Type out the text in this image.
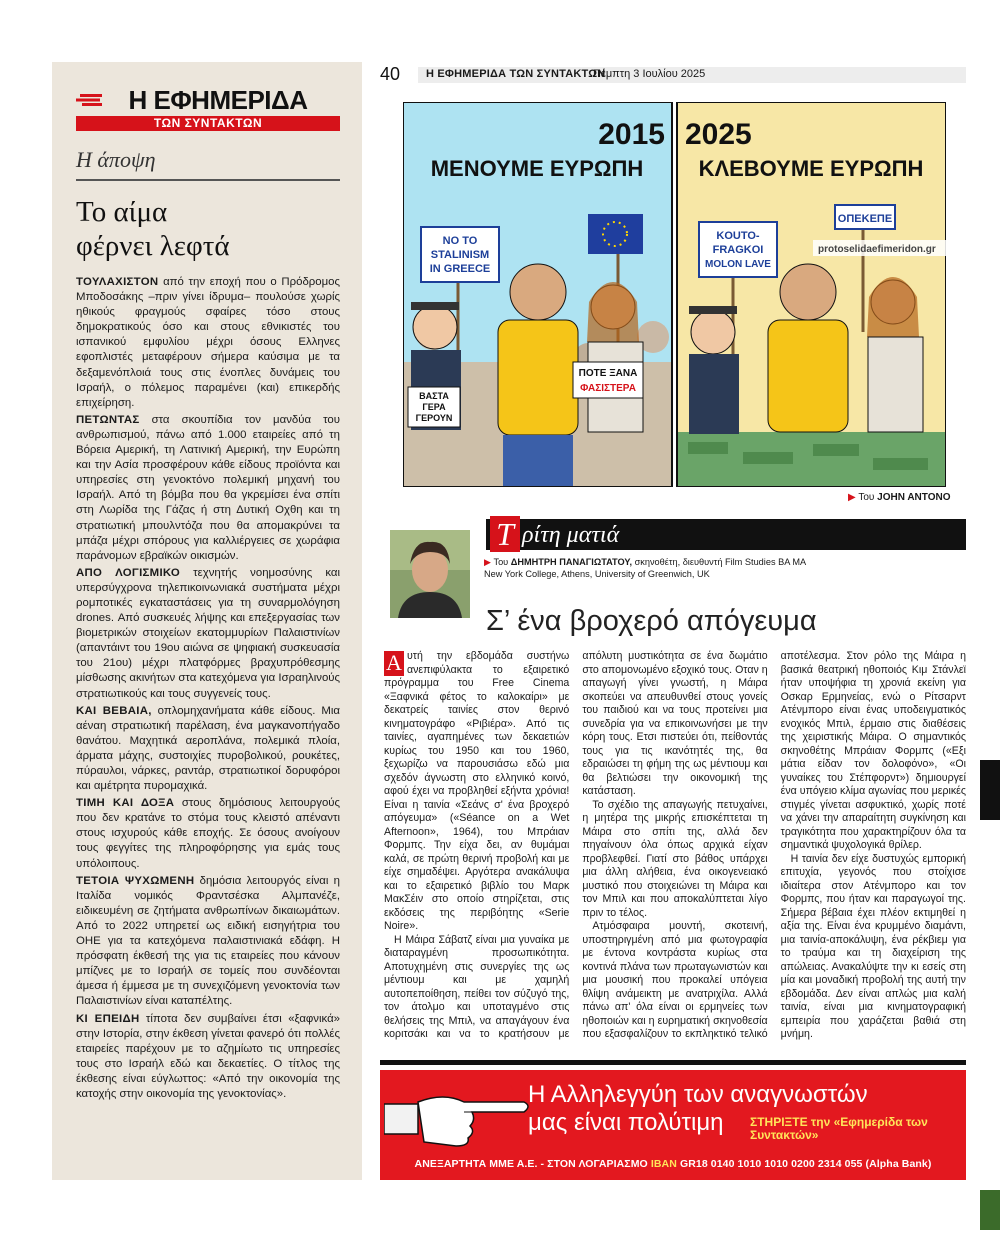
Η ΕΦΗΜΕΡΙΔΑ
ΤΩΝ ΣΥΝΤΑΚΤΩΝ
Η άποψη
Το αίμα
φέρνει λεφτά

ΤΟΥΛΑΧΙΣΤΟΝ από την εποχή που ο Πρόδρομος Μποδοσάκης –πριν γίνει ίδρυμα– πουλούσε χωρίς ηθικούς φραγμούς σφαίρες τόσο στους δημοκρατικούς όσο και στους εθνικιστές του ισπανικού εμφυλίου μέχρι όσους Ελληνες εφοπλιστές μεταφέρουν σήμερα καύσιμα με τα δεξαμενόπλοιά τους στις ένοπλες δυνάμεις του Ισραήλ, ο πόλεμος παραμένει (και) επικερδής επιχείρηση.

ΠΕΤΩΝΤΑΣ στα σκουπίδια τον μανδύα του ανθρωπισμού, πάνω από 1.000 εταιρείες από τη Βόρεια Αμερική, τη Λατινική Αμερική, την Ευρώπη και την Ασία προσφέρουν κάθε είδους προϊόντα και υπηρεσίες στη γενοκτόνο πολεμική μηχανή του Ισραήλ. Από τη βόμβα που θα γκρεμίσει ένα σπίτι στη Λωρίδα της Γάζας ή στη Δυτική Οχθη και τη στρατιωτική μπουλντόζα που θα απομακρύνει τα μπάζα μέχρι σπόρους για καλλιέργειες σε χωράφια παράνομων εβραϊκών οικισμών.

ΑΠΟ ΛΟΓΙΣΜΙΚΟ τεχνητής νοημοσύνης και υπερσύγχρονα τηλεπικοινωνιακά συστήματα μέχρι ρομποτικές εγκαταστάσεις για τη συναρμολόγηση drones. Από συσκευές λήψης και επεξεργασίας των βιομετρικών στοιχείων εκατομμυρίων Παλαιστινίων (απαντάιντ του 19ου αιώνα σε ψηφιακή συσκευασία του 21ου) μέχρι πλατφόρμες βραχυπρόθεσμης μίσθωσης ακινήτων στα κατεχόμενα για Ισραηλινούς στρατιωτικούς και τους συγγενείς τους.

ΚΑΙ ΒΕΒΑΙΑ, οπλομηχανήματα κάθε είδους. Μια αέναη στρατιωτική παρέλαση, ένα μαγκανοπήγαδο θανάτου. Μαχητικά αεροπλάνα, πολεμικά πλοία, άρματα μάχης, συστοιχίες πυροβολικού, ρουκέτες, πύραυλοι, νάρκες, ραντάρ, στρατιωτικοί δορυφόροι και αμέτρητα πυρομαχικά.

ΤΙΜΗ ΚΑΙ ΔΟΞΑ στους δημόσιους λειτουργούς που δεν κρατάνε το στόμα τους κλειστό απέναντι στους ισχυρούς κάθε εποχής. Σε όσους ανοίγουν τους φεγγίτες της πληροφόρησης για εμάς τους υπόλοιπους.

ΤΕΤΟΙΑ ΨΥΧΩΜΕΝΗ δημόσια λειτουργός είναι η Ιταλίδα νομικός Φραντσέσκα Αλμπανέζε, ειδικευμένη σε ζητήματα ανθρωπίνων δικαιωμάτων. Από το 2022 υπηρετεί ως ειδική εισηγήτρια του ΟΗΕ για τα κατεχόμενα παλαιστινιακά εδάφη. Η πρόσφατη έκθεσή της για τις εταιρείες που κάνουν μπίζνες με το Ισραήλ σε τομείς που συνδέονται άμεσα ή έμμεσα με τη συνεχιζόμενη γενοκτονία των Παλαιστινίων είναι καταπέλτης.

ΚΙ ΕΠΕΙΔΗ τίποτα δεν συμβαίνει έτσι «ξαφνικά» στην Ιστορία, στην έκθεση γίνεται φανερό ότι πολλές εταιρείες παρέχουν με το αζημίωτο τις υπηρεσίες τους στο Ισραήλ εδώ και δεκαετίες. Ο τίτλος της έκθεσης είναι εύγλωττος: «Από την οικονομία της κατοχής στην οικονομία της γενοκτονίας».

40 Η ΕΦΗΜΕΡΙΔΑ ΤΩΝ ΣΥΝΤΑΚΤΩΝ
Πέμπτη 3 Ιουλίου 2025
2015
ΜΕΝΟΥΜΕ ΕΥΡΩΠΗ
NO TO
STALINISM
IN GREECE
ΒΑΣΤΑ
ΓΕΡΑ
ΓΕΡΟΥΝ
ΠΟΤΕ ΞΑΝΑ
ΦΑΣΙΣΤΕΡΑ
2025
ΚΛΕΒΟΥΜΕ ΕΥΡΩΠΗ
KOUTO-
FRAGKOI
MOLON LAVE
ΟΠΕΚΕΠΕ
protoselidaefimeridon.gr
▶ Του JOHN ANTONO
Τ ρίτη ματιά
▶ Του ΔΗΜΗΤΡΗ ΠΑΝΑΓΙΩΤΑΤΟΥ, σκηνοθέτη, διευθυντή Film Studies BA MA New York College, Athens, University of Greenwich, UK
Σ’ ένα βροχερό απόγευμα

Α υτή την εβδομάδα συστήνω ανεπιφύλακτα το εξαιρετικό πρόγραμμα του Free Cinema «Ξαφνικά φέτος το καλοκαίρι» με δεκατρείς ταινίες στον θερινό κινηματογράφο «Ριβιέρα». Από τις ταινίες, αγαπημένες των δεκαετιών κυρίως του 1950 και του 1960, ξεχωρίζω να παρουσιάσω εδώ μια σχεδόν άγνωστη στο ελληνικό κοινό, αφού έχει να προβληθεί εξήντα χρόνια! Είναι η ταινία «Σεάνς σ' ένα βροχερό απόγευμα» («Séance on a Wet Afternoon», 1964), του Μπράιαν Φορμπς. Την είχα δει, αν θυμάμαι καλά, σε πρώτη θερινή προβολή και με είχε σημαδέψει. Αργότερα ανακάλυψα και το εξαιρετικό βιβλίο του Μαρκ ΜακΣέιν στο οποίο στηρίζεται, στις εκδόσεις της περιβόητης «Serie Noire».

Η Μάιρα Σάβατζ είναι μια γυναίκα με διαταραγμένη προσωπικότητα. Αποτυχημένη στις συνεργίες της ως μέντιουμ και με χαμηλή αυτοπεποίθηση, πείθει τον σύζυγό της, τον άτολμο και υποταγμένο στις θελήσεις της Μπιλ, να απαγάγουν ένα κοριτσάκι και να το κρατήσουν με απόλυτη μυστικότητα σε ένα δωμάτιο στο απομονωμένο εξοχικό τους. Οταν η απαγωγή γίνει γνωστή, η Μάιρα σκοπεύει να απευθυνθεί στους γονείς του παιδιού και να τους προτείνει μια συνεδρία για να επικοινωνήσει με την κόρη τους. Ετσι πιστεύει ότι, πείθοντάς τους για τις ικανότητές της, θα εδραιώσει τη φήμη της ως μέντιουμ και θα βελτιώσει την οικονομική της κατάσταση.

Το σχέδιο της απαγωγής πετυχαίνει, η μητέρα της μικρής επισκέπτεται τη Μάιρα στο σπίτι της, αλλά δεν πηγαίνουν όλα όπως αρχικά είχαν προβλεφθεί. Γιατί στο βάθος υπάρχει μια άλλη αλήθεια, ένα οικογενειακό μυστικό που στοιχειώνει τη Μάιρα και τον Μπιλ και που αποκαλύπτεται λίγο πριν το τέλος.

Ατμόσφαιρα μουντή, σκοτεινή, υποστηριγμένη από μια φωτογραφία με έντονα κοντράστα κυρίως στα κοντινά πλάνα των πρωταγωνιστών και μια μουσική που προκαλεί υπόγεια θλίψη ανάμεικτη με ανατριχίλα. Αλλά πάνω απ' όλα είναι οι ερμηνείες των ηθοποιών και η ευρηματική σκηνοθεσία που εξασφαλίζουν το εκπληκτικό τελικό αποτέλεσμα. Στον ρόλο της Μάιρα η βασικά θεατρική ηθοποιός Κιμ Στάνλεϊ ήταν υποψήφια τη χρονιά εκείνη για Οσκαρ Ερμηνείας, ενώ ο Ρίτσαρντ Ατένμπορο είναι ένας υποδειγματικός ενοχικός Μπιλ, έρμαιο στις διαθέσεις της χειριστικής Μάιρα. Ο σημαντικός σκηνοθέτης Μπράιαν Φορμπς («Εξι μάτια είδαν τον δολοφόνο», «Οι γυναίκες του Στέπφορντ») δημιουργεί ένα υπόγειο κλίμα αγωνίας που μερικές στιγμές γίνεται ασφυκτικό, χωρίς ποτέ να χάνει την απαραίτητη συγκίνηση και τραγικότητα που χαρακτηρίζουν όλα τα σημαντικά ψυχολογικά θρίλερ.

Η ταινία δεν είχε δυστυχώς εμπορική επιτυχία, γεγονός που στοίχισε ιδιαίτερα στον Ατένμπορο και τον Φορμπς, που ήταν και παραγωγοί της. Σήμερα βέβαια έχει πλέον εκτιμηθεί η αξία της. Είναι ένα κρυμμένο διαμάντι, μια ταινία-αποκάλυψη, ένα ρέκβιεμ για το τραύμα και τη διαχείριση της απώλειας. Ανακαλύψτε την κι εσείς στη μία και μοναδική προβολή της αυτή την εβδομάδα. Δεν είναι απλώς μια καλή ταινία, είναι μια κινηματογραφική εμπειρία που χαράζεται βαθιά στη μνήμη.

Η Αλληλεγγύη των αναγνωστών
μας είναι πολύτιμη ΣΤΗΡΙΞΤΕ την «Εφημερίδα των Συντακτών»
ΑΝΕΞΑΡΤΗΤΑ ΜΜΕ Α.Ε. - ΣΤΟΝ ΛΟΓΑΡΙΑΣΜΟ IBAN GR18 0140 1010 1010 0200 2314 055 (Alpha Bank)
